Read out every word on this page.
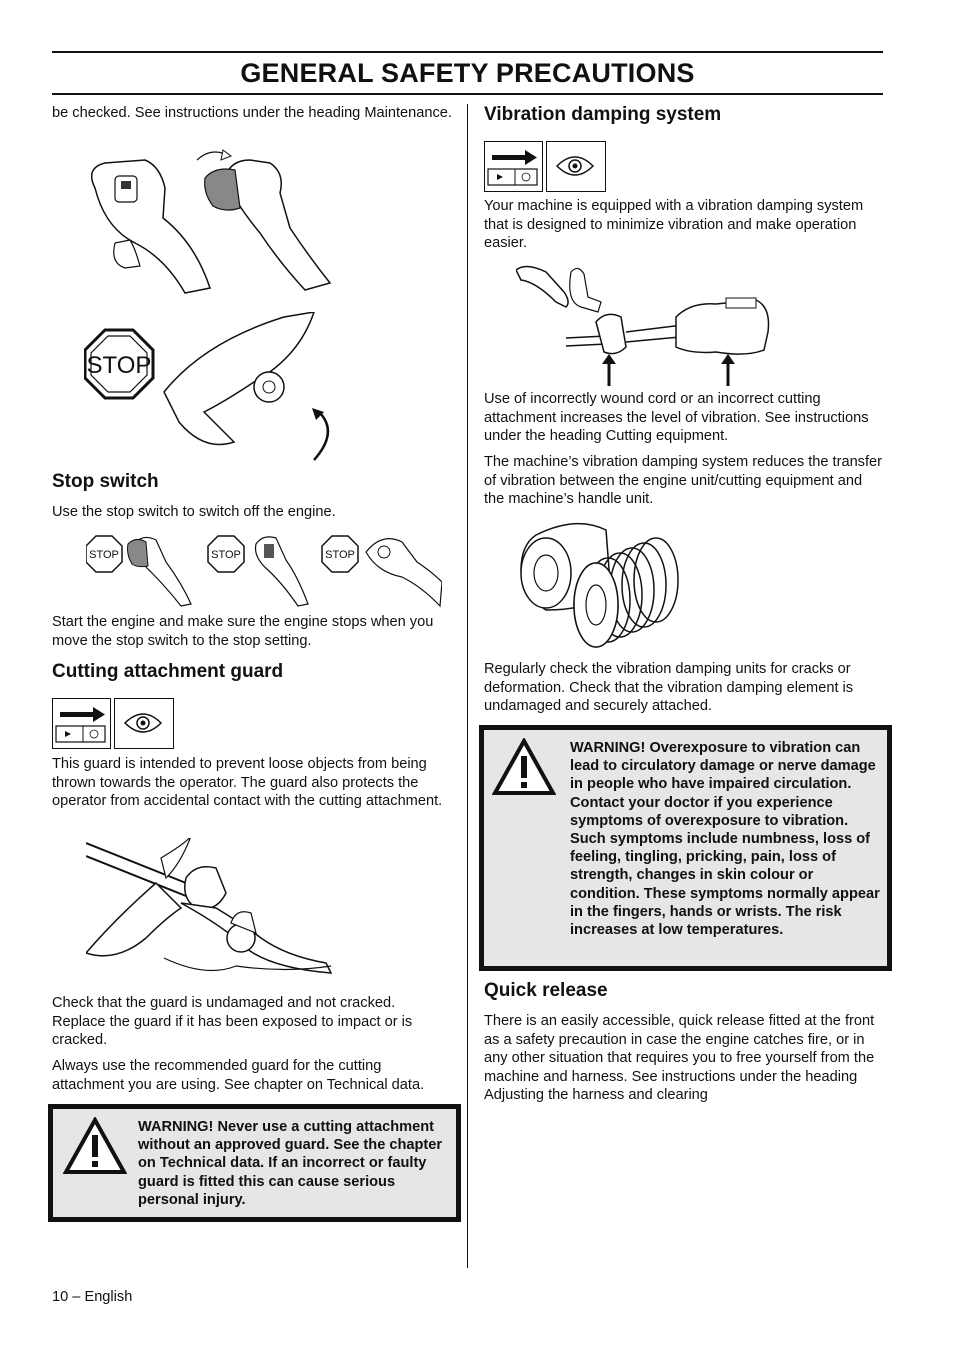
GENERAL SAFETY PRECAUTIONS

be checked. See instructions under the heading Maintenance.

STOP
Stop switch

Use the stop switch to switch off the engine.

STOP	STOP	STOP

Start the engine and make sure the engine stops when you move the stop switch to the stop setting.

Cutting attachment guard

This guard is intended to prevent loose objects from being thrown towards the operator. The guard also protects the operator from accidental contact with the cutting attachment.

Check that the guard is undamaged and not cracked. Replace the guard if it has been exposed to impact or is cracked.

Always use the recommended guard for the cutting attachment you are using. See chapter on Technical data.

WARNING! Never use a cutting attachment without an approved guard. See the chapter on Technical data. If an incorrect or faulty guard is fitted this can cause serious personal injury.
Vibration damping system

Your machine is equipped with a vibration damping system that is designed to minimize vibration and make operation easier.

Use of incorrectly wound cord or an incorrect cutting attachment increases the level of vibration. See instructions under the heading Cutting equipment.

The machine’s vibration damping system reduces the transfer of vibration between the engine unit/cutting equipment and the machine’s handle unit.

Regularly check the vibration damping units for cracks or deformation. Check that the vibration damping element is undamaged and securely attached.

WARNING! Overexposure to vibration can lead to circulatory damage or nerve damage in people who have impaired circulation. Contact your doctor if you experience symptoms of overexposure to vibration. Such symptoms include numbness, loss of feeling, tingling, pricking, pain, loss of strength, changes in skin colour or condition. These symptoms normally appear in the fingers, hands or wrists. The risk increases at low temperatures.
Quick release

There is an easily accessible, quick release fitted at the front as a safety precaution in case the engine catches fire, or in any other situation that requires you to free yourself from the machine and harness. See instructions under the heading Adjusting the harness and clearing

10 – English
